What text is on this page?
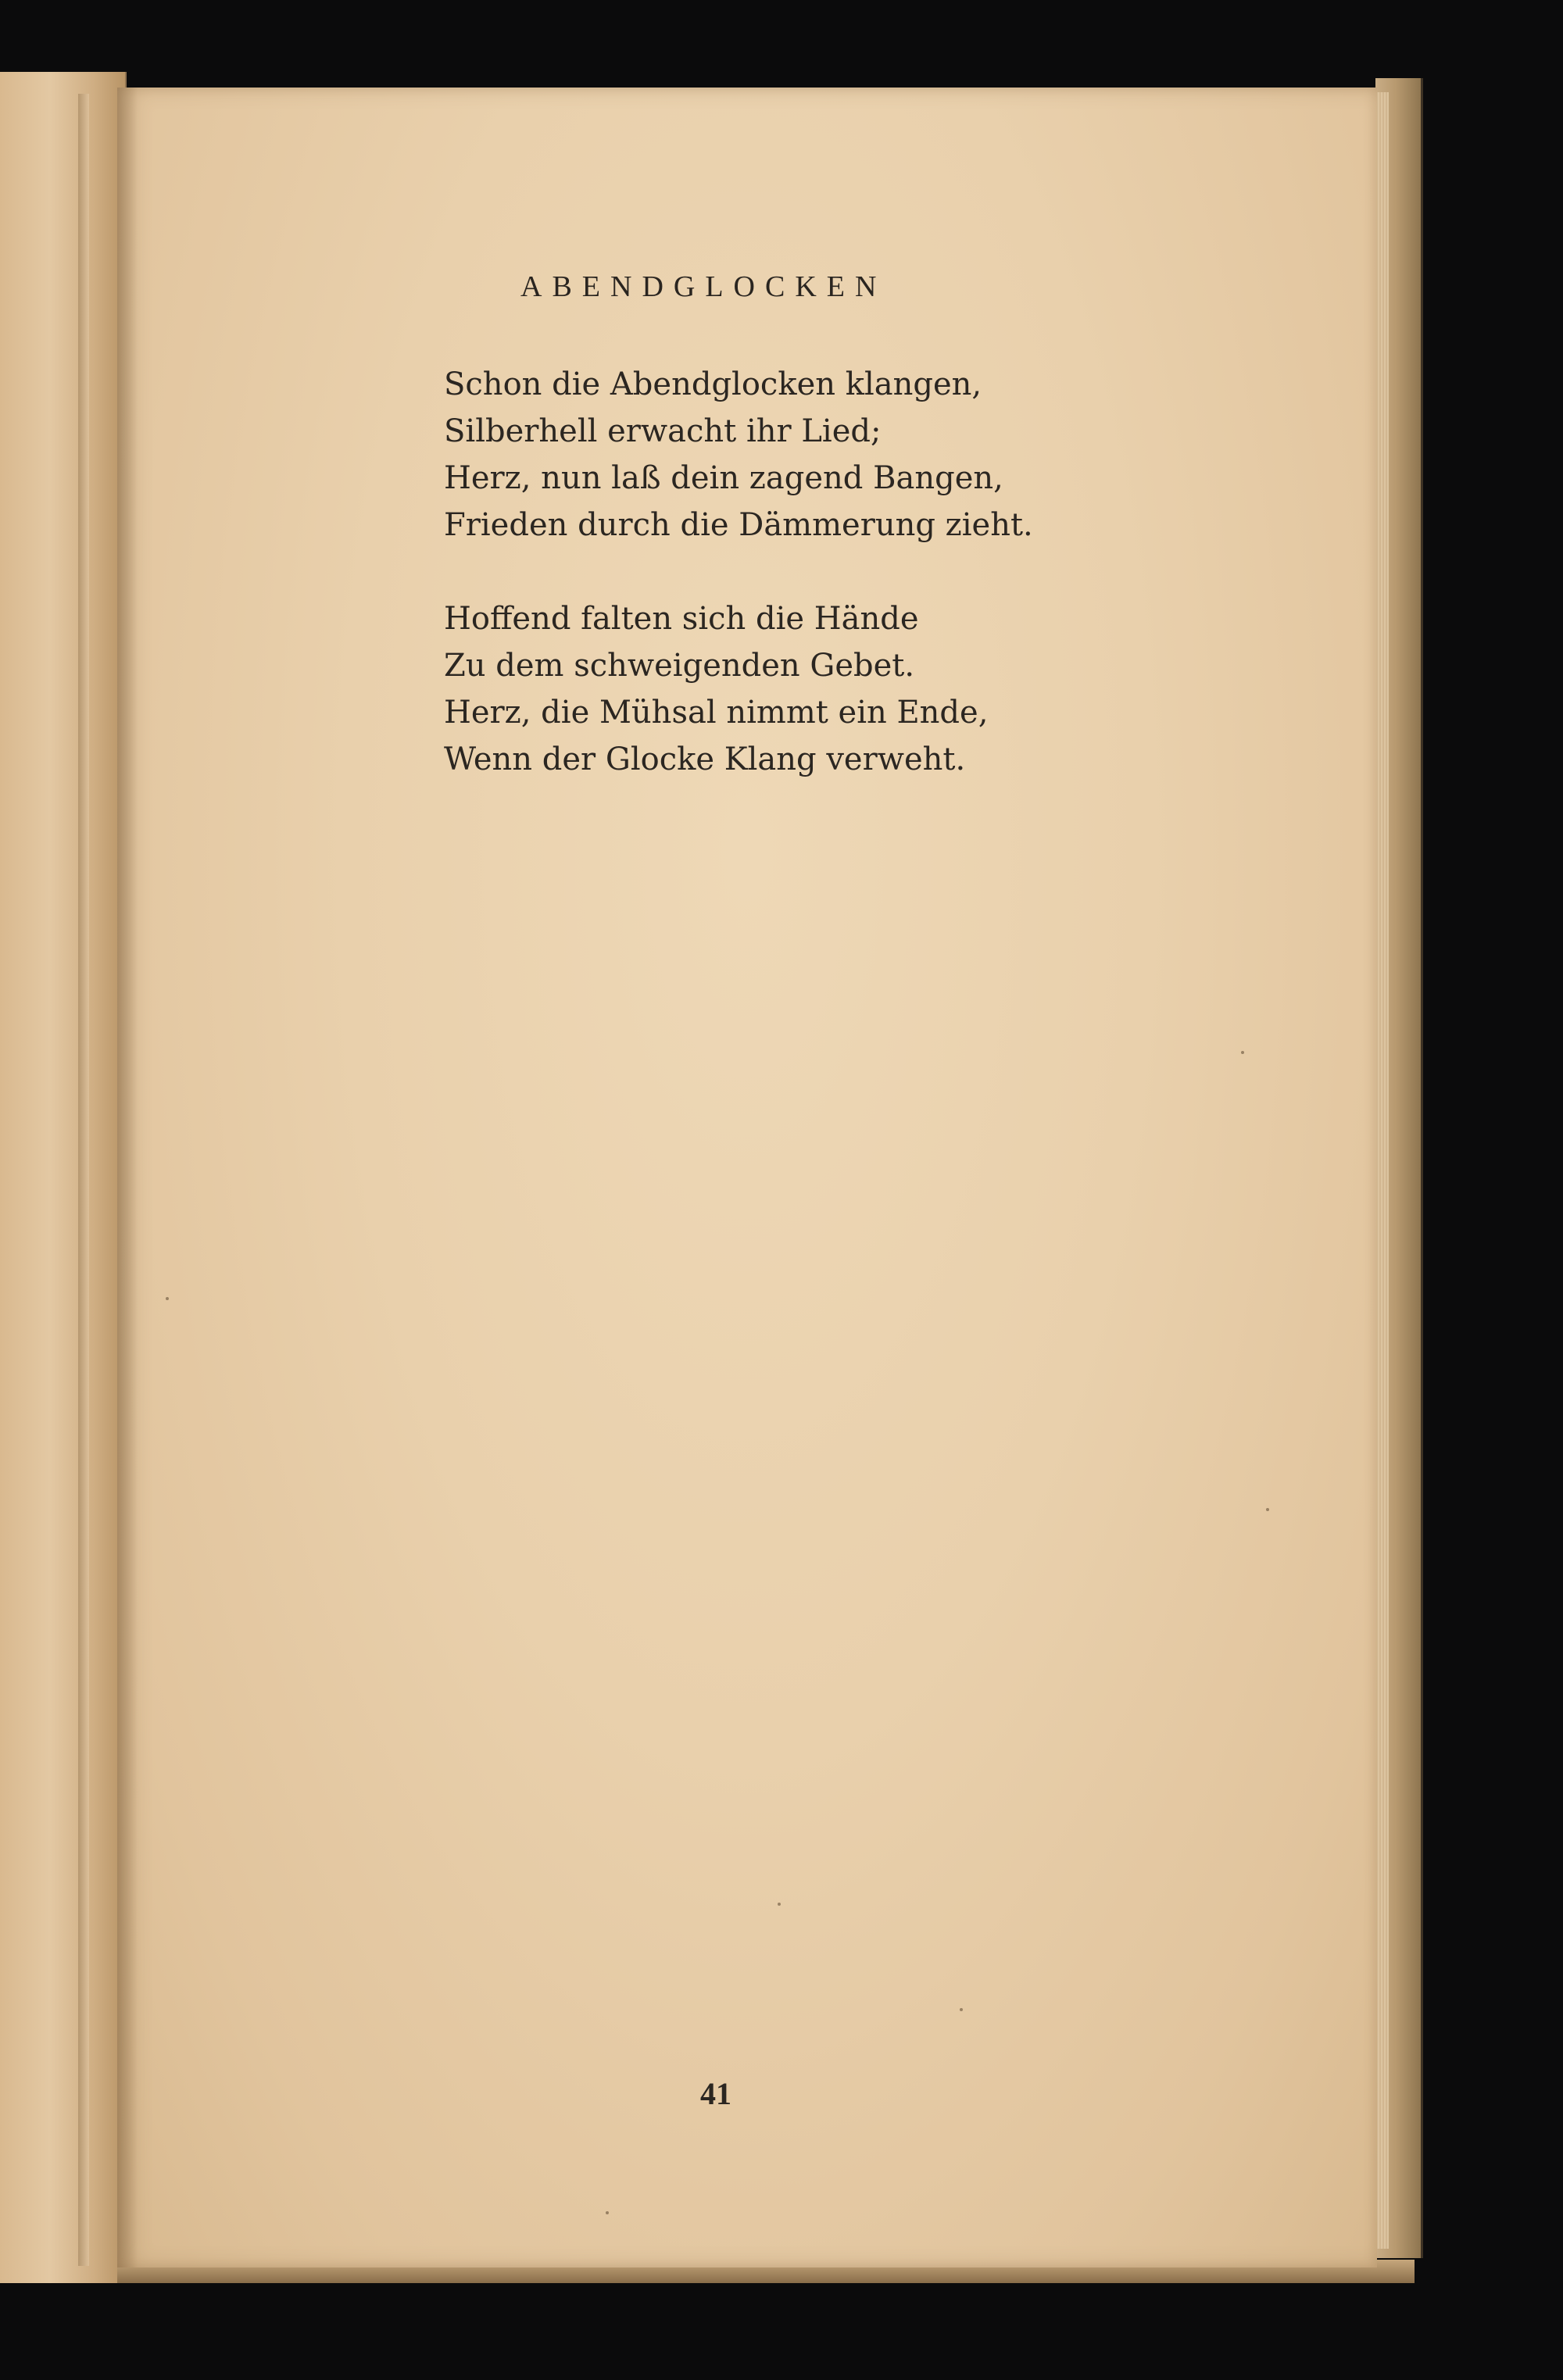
ABENDGLOCKEN
Schon die Abendglocken klangen,
Silberhell erwacht ihr Lied;
Herz, nun laß dein zagend Bangen,
Frieden durch die Dämmerung zieht.
Hoffend falten sich die Hände
Zu dem schweigenden Gebet.
Herz, die Mühsal nimmt ein Ende,
Wenn der Glocke Klang verweht.
41
